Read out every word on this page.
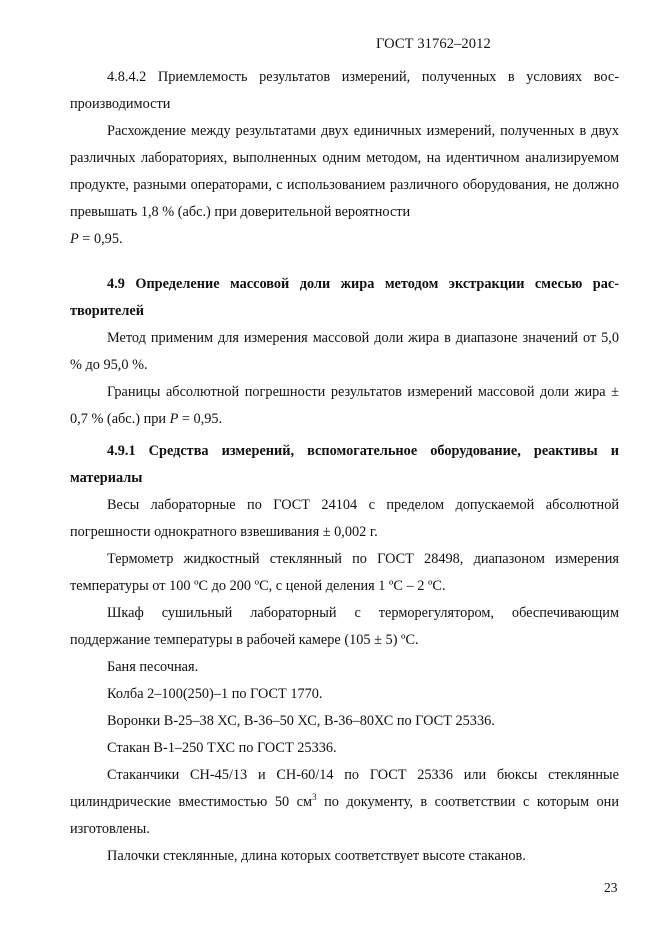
ГОСТ 31762–2012

4.8.4.2 Приемлемость результатов измерений, полученных в условиях воспроизводимости

Расхождение между результатами двух единичных измерений, полученных в двух различных лабораториях, выполненных одним методом, на идентичном анализируемом продукте, разными операторами, с использованием различного оборудования, не должно превышать 1,8 % (абс.) при доверительной вероятности
P = 0,95.

4.9 Определение массовой доли жира методом экстракции смесью растворителей

Метод применим для измерения массовой доли жира в диапазоне значений от 5,0 % до 95,0 %.

Границы абсолютной погрешности результатов измерений массовой доли жира ± 0,7 % (абс.) при P = 0,95.

4.9.1 Средства измерений, вспомогательное оборудование, реактивы и материалы

Весы лабораторные по ГОСТ 24104 с пределом допускаемой абсолютной погрешности однократного взвешивания ± 0,002 г.

Термометр жидкостный стеклянный по ГОСТ 28498, диапазоном измерения температуры от 100 ºС до 200 ºС, с ценой деления 1 ºС – 2 ºС.

Шкаф сушильный лабораторный с терморегулятором, обеспечивающим поддержание температуры в рабочей камере (105 ± 5) ºС.

Баня песочная.

Колба 2–100(250)–1 по ГОСТ 1770.

Воронки В-25–38 ХС, В-36–50 ХС, В-36–80ХС по ГОСТ 25336.

Стакан В-1–250 ТХС по ГОСТ 25336.

Стаканчики СН-45/13 и СН-60/14 по ГОСТ 25336 или бюксы стеклянные цилиндрические вместимостью 50 $см^3$ по документу, в соответствии с которым они изготовлены.

Палочки стеклянные, длина которых соответствует высоте стаканов.

23
